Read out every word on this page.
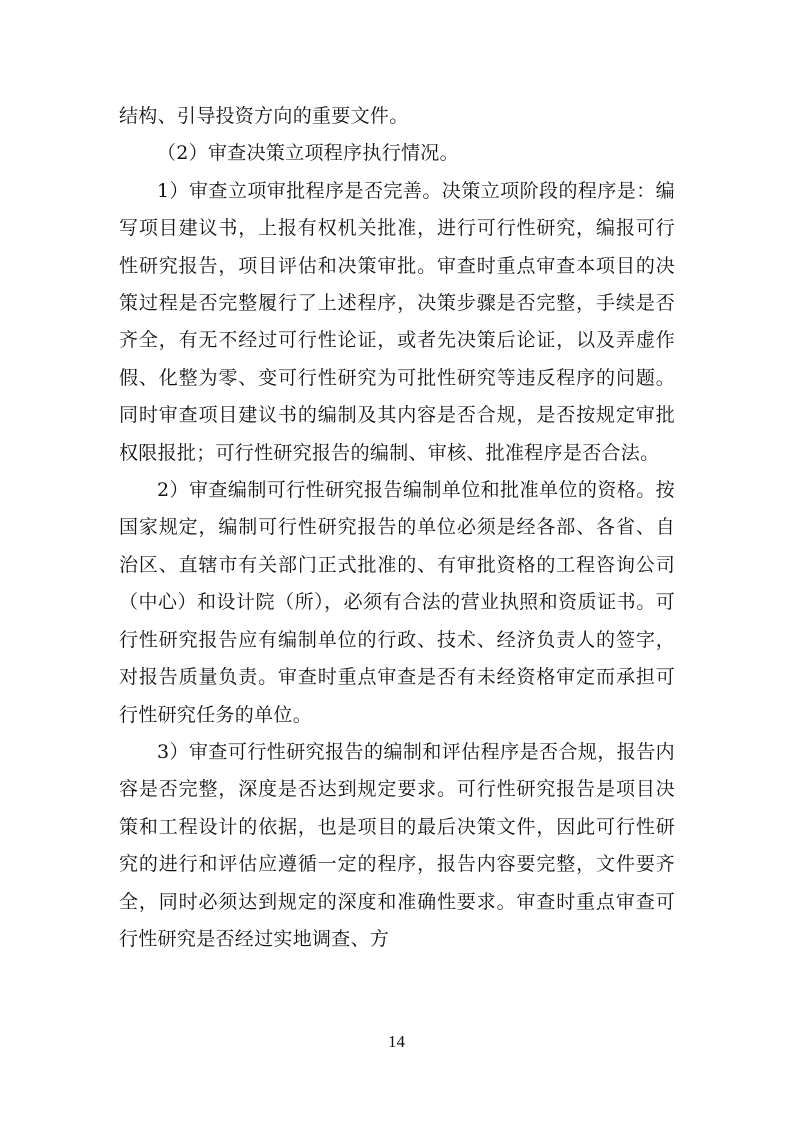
结构、引导投资方向的重要文件。

（2）审查决策立项程序执行情况。

1）审查立项审批程序是否完善。决策立项阶段的程序是：编写项目建议书，上报有权机关批准，进行可行性研究，编报可行性研究报告，项目评估和决策审批。审查时重点审查本项目的决策过程是否完整履行了上述程序，决策步骤是否完整，手续是否齐全，有无不经过可行性论证，或者先决策后论证，以及弄虚作假、化整为零、变可行性研究为可批性研究等违反程序的问题。同时审查项目建议书的编制及其内容是否合规，是否按规定审批权限报批；可行性研究报告的编制、审核、批准程序是否合法。

2）审查编制可行性研究报告编制单位和批准单位的资格。按国家规定，编制可行性研究报告的单位必须是经各部、各省、自治区、直辖市有关部门正式批准的、有审批资格的工程咨询公司（中心）和设计院（所），必须有合法的营业执照和资质证书。可行性研究报告应有编制单位的行政、技术、经济负责人的签字，对报告质量负责。审查时重点审查是否有未经资格审定而承担可行性研究任务的单位。

3）审查可行性研究报告的编制和评估程序是否合规，报告内容是否完整，深度是否达到规定要求。可行性研究报告是项目决策和工程设计的依据，也是项目的最后决策文件，因此可行性研究的进行和评估应遵循一定的程序，报告内容要完整，文件要齐全，同时必须达到规定的深度和准确性要求。审查时重点审查可行性研究是否经过实地调查、方

14
